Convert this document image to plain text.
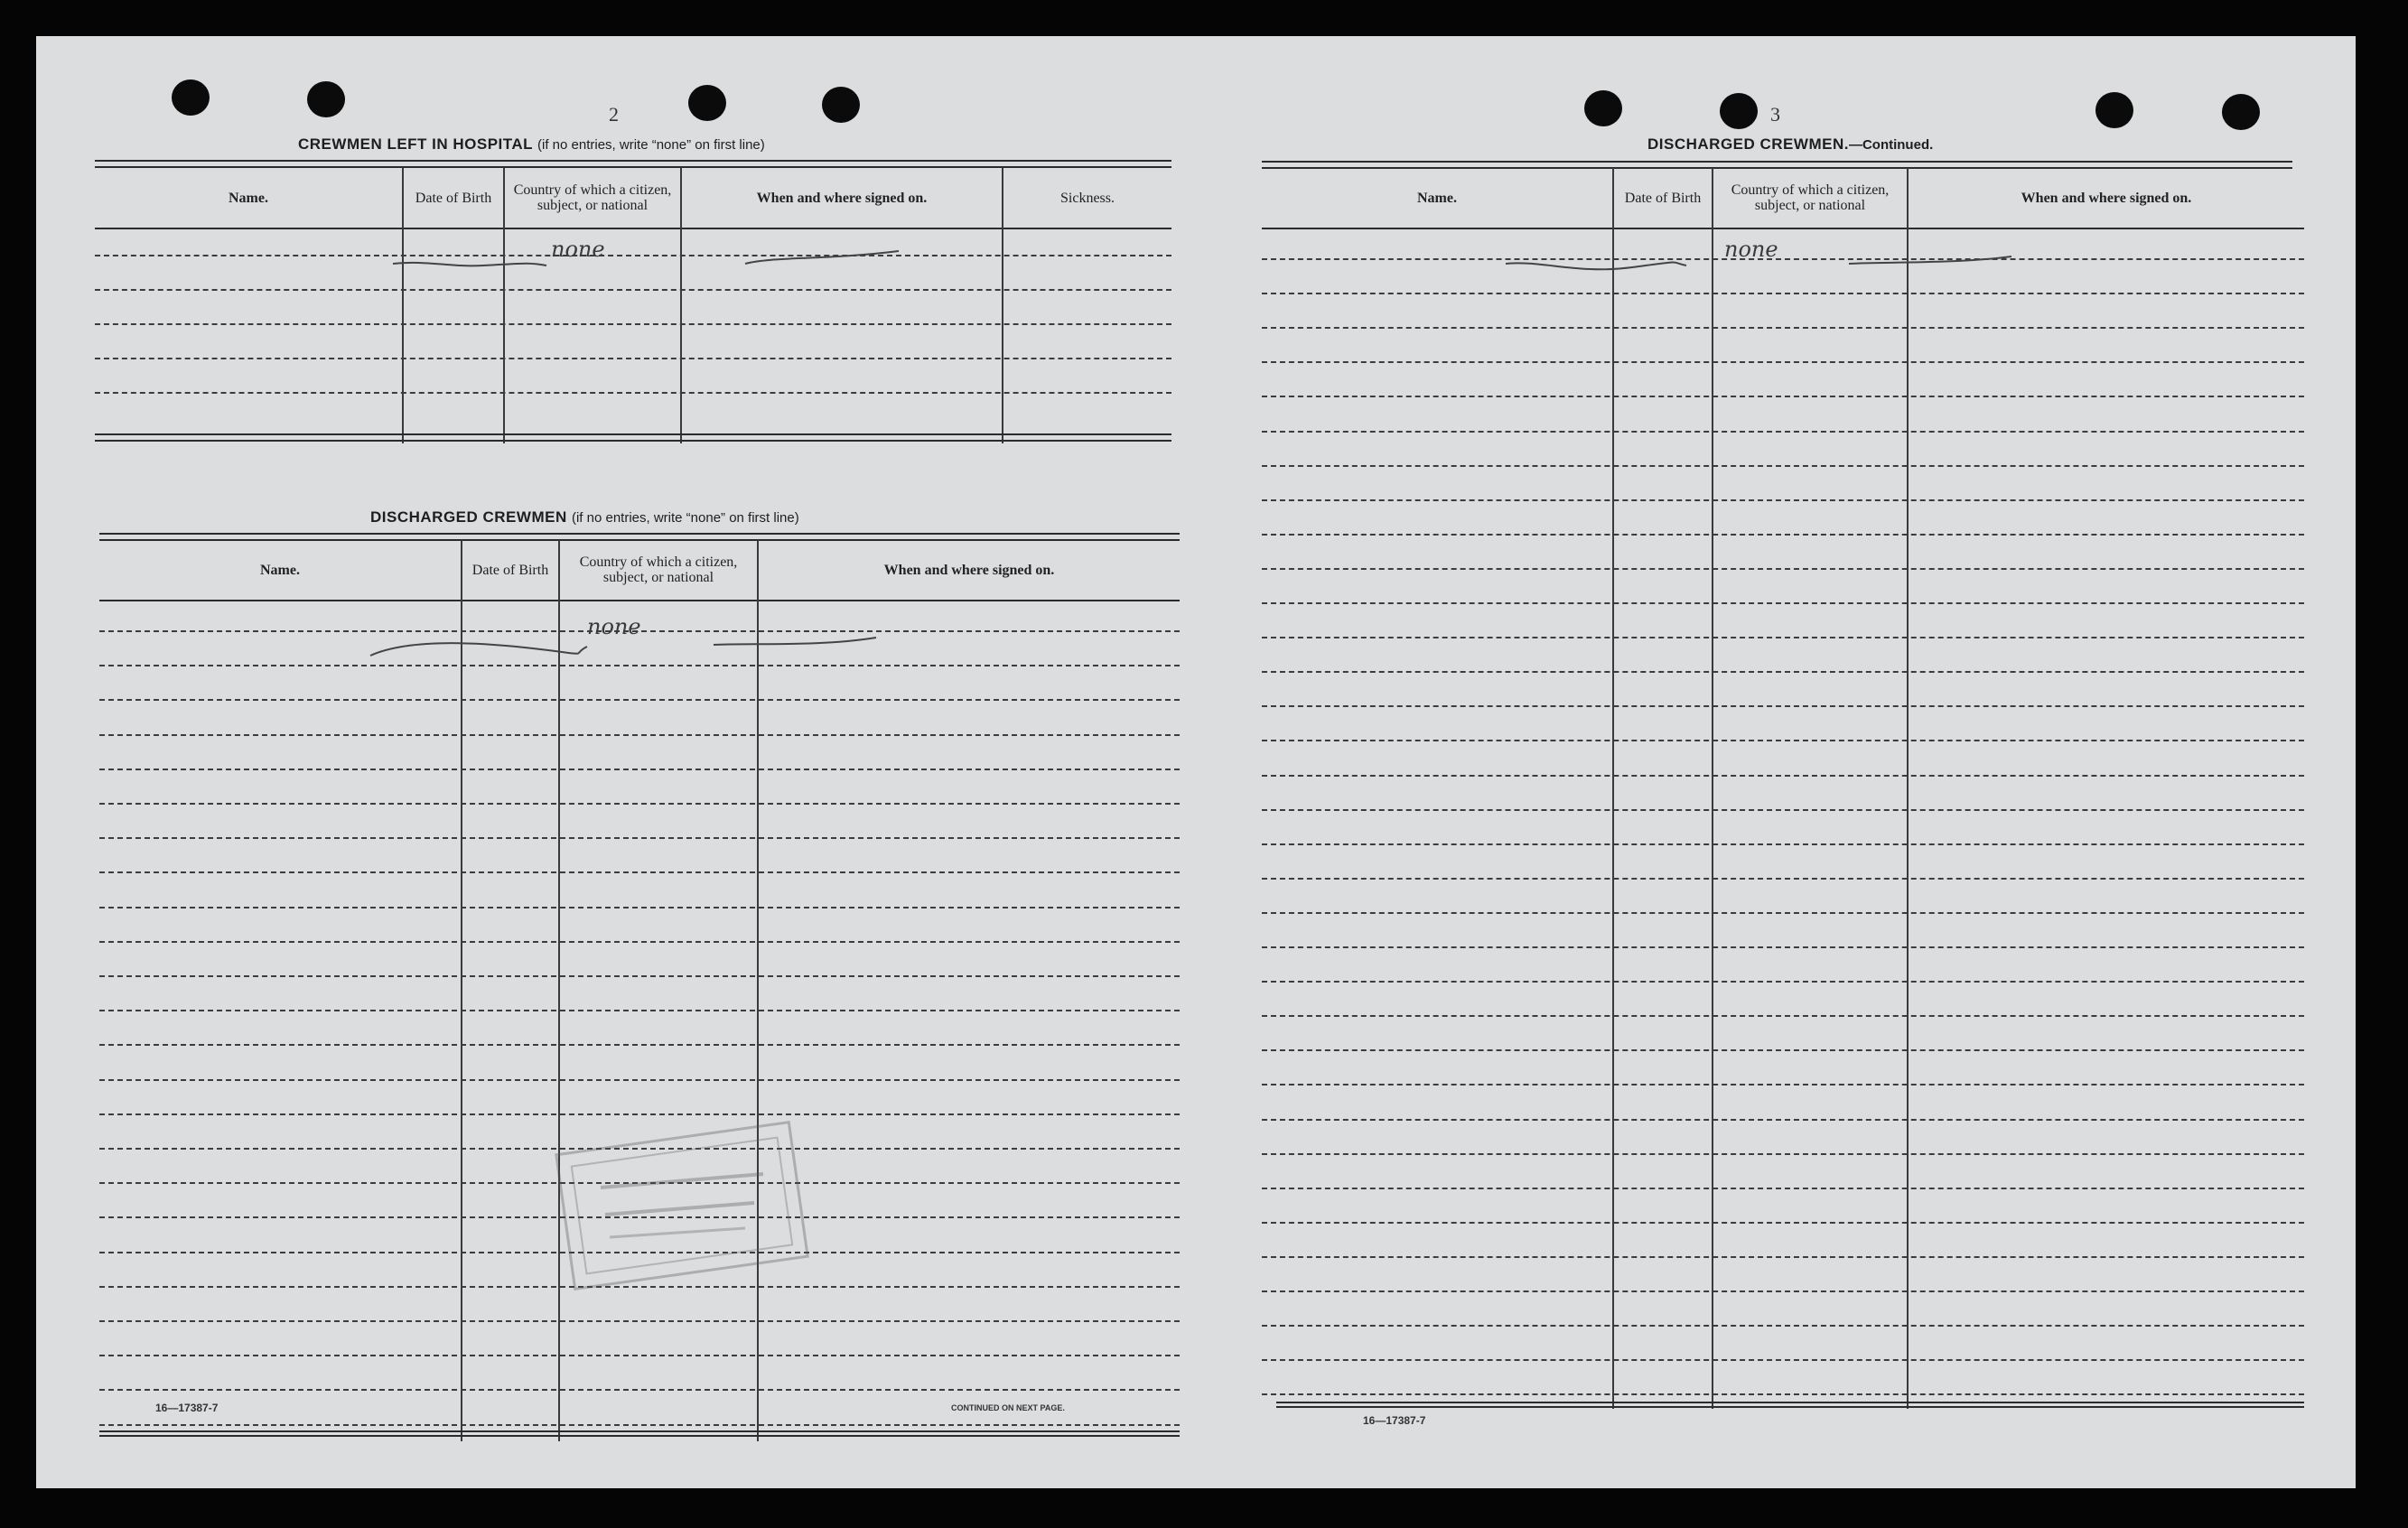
2
CREWMEN LEFT IN HOSPITAL (if no entries, write “none” on first line)
Name.	Date of Birth	Country of which a citizen, subject, or national	When and where signed on.	Sickness.
none
DISCHARGED CREWMEN (if no entries, write “none” on first line)
Name.	Date of Birth	Country of which a citizen, subject, or national	When and where signed on.
none
16—17387-7	CONTINUED ON NEXT PAGE.
3
DISCHARGED CREWMEN.—Continued.
Name.	Date of Birth	Country of which a citizen, subject, or national	When and where signed on.
none
16—17387-7
